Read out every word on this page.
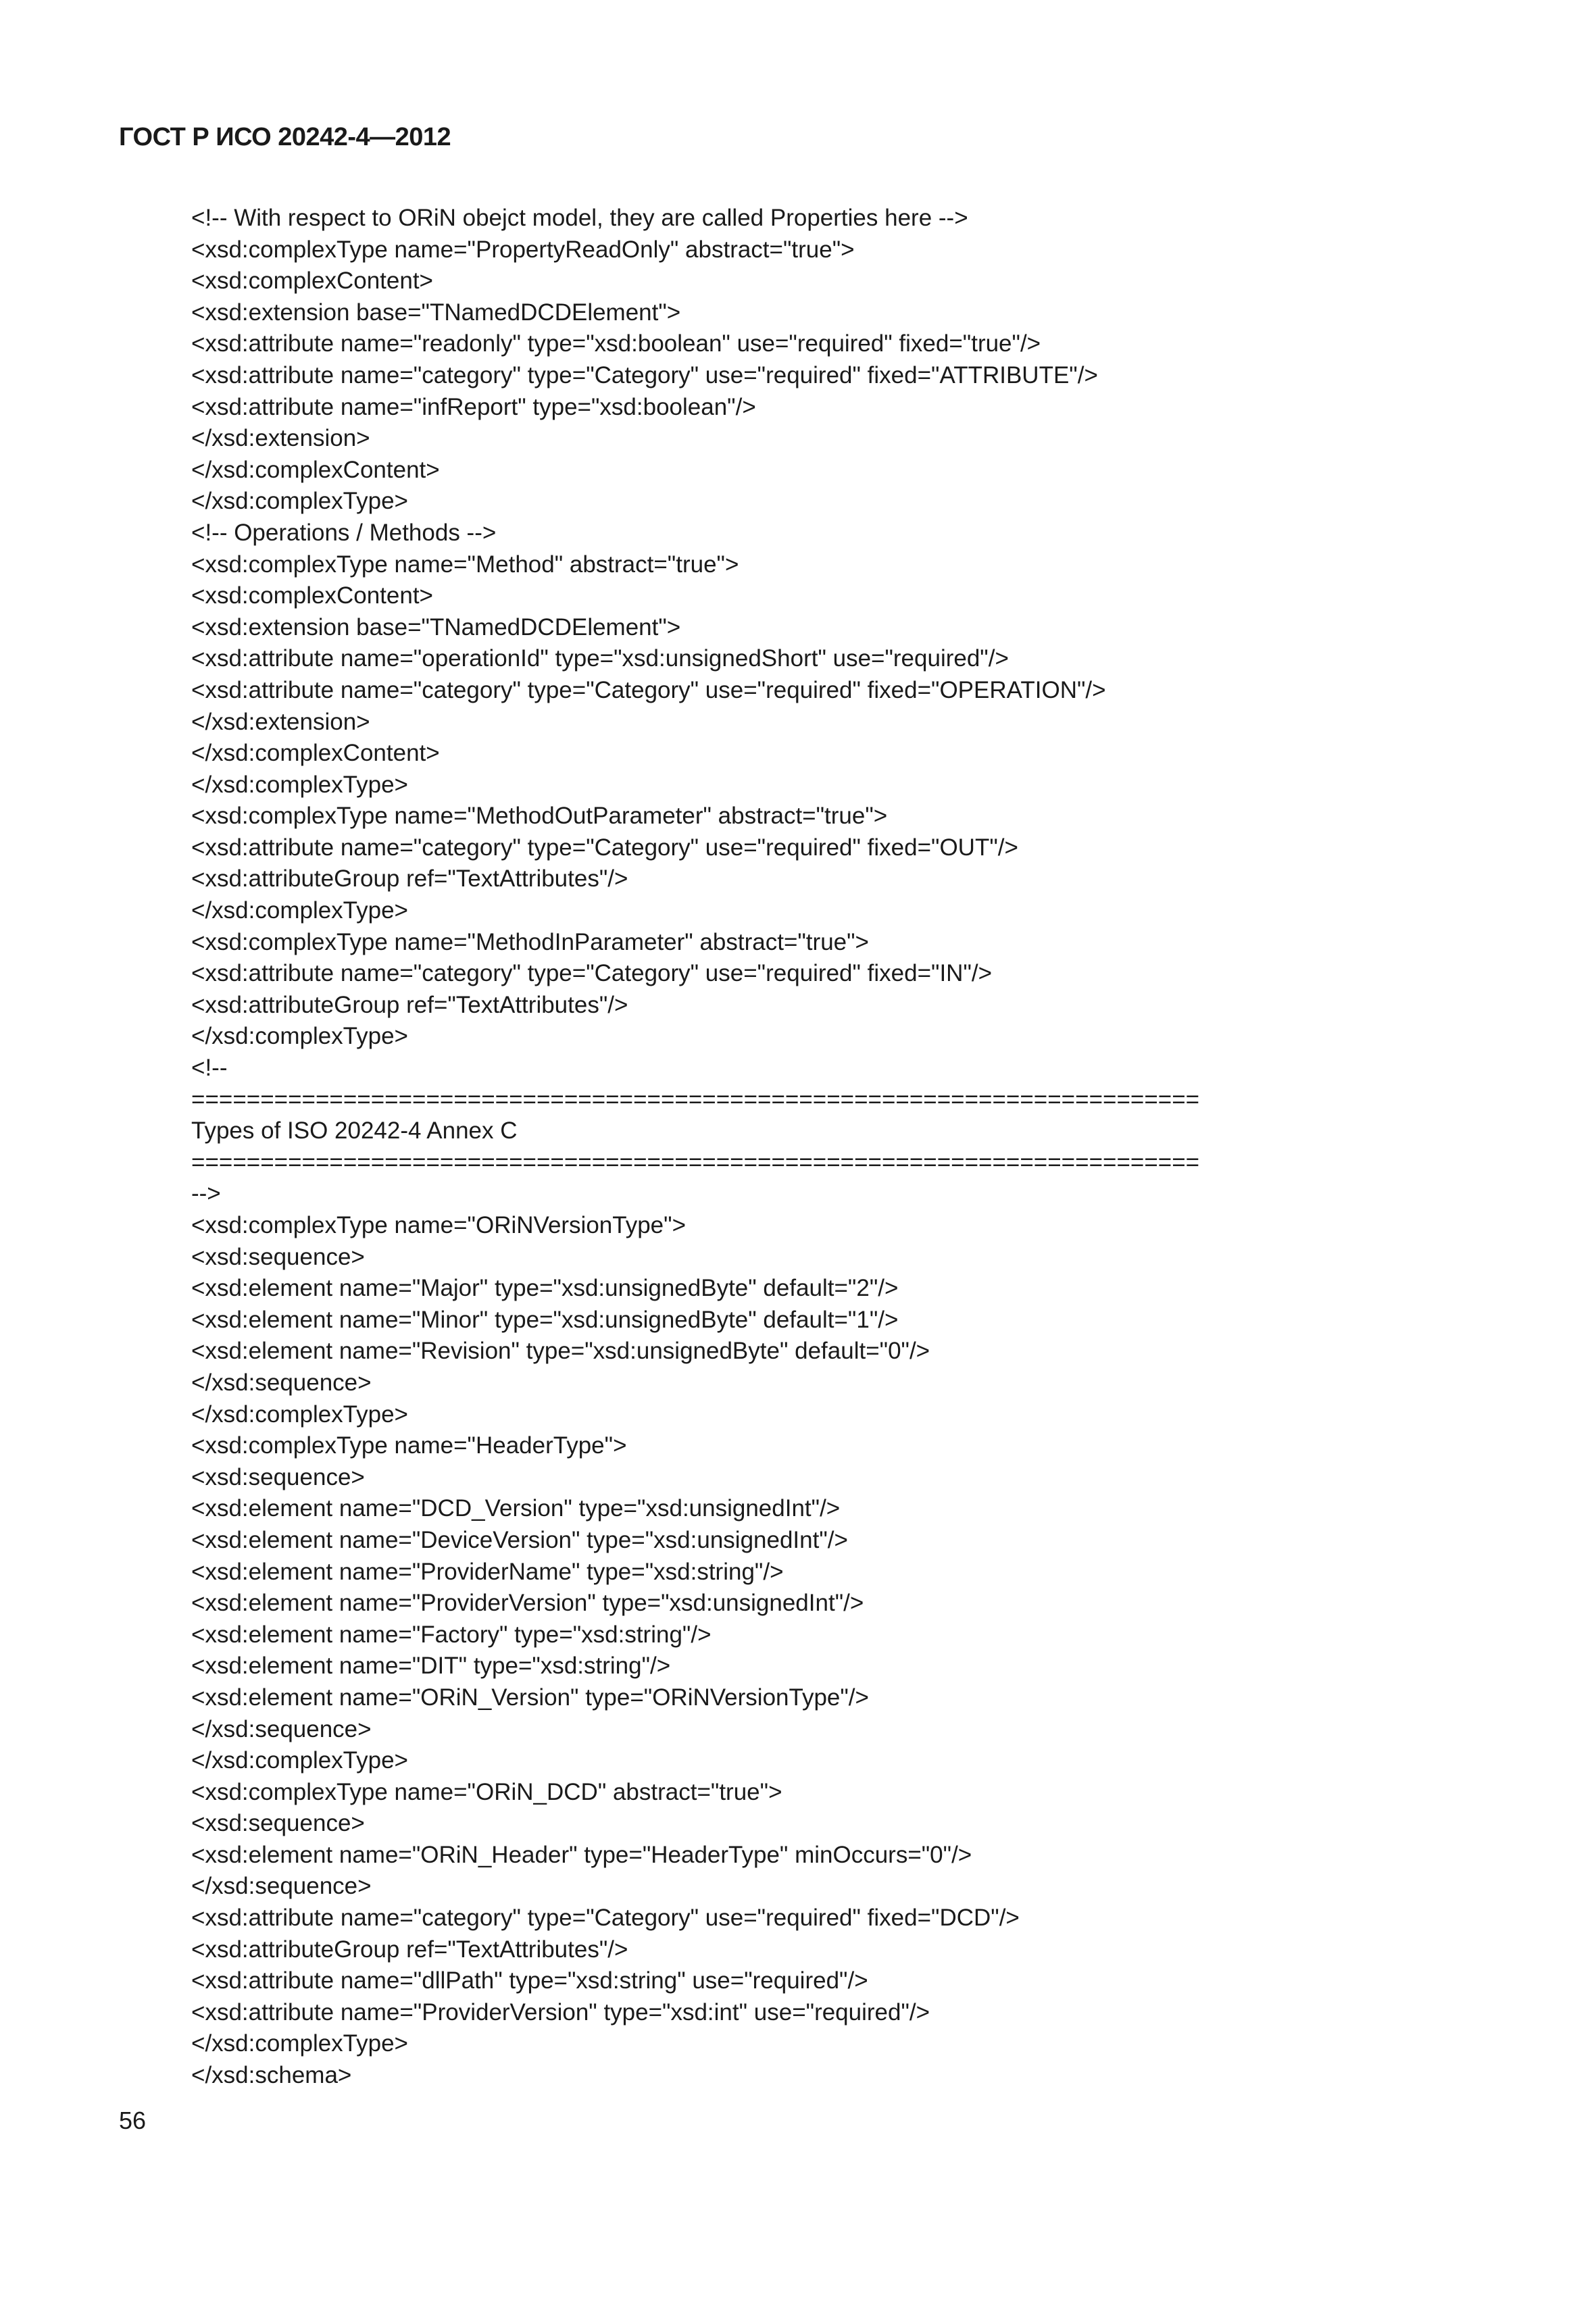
ГОСТ Р ИСО 20242-4—2012
<!-- With respect to ORiN obejct model, they are called Properties here -->
<xsd:complexType name="PropertyReadOnly" abstract="true">
<xsd:complexContent>
<xsd:extension base="TNamedDCDElement">
<xsd:attribute name="readonly" type="xsd:boolean" use="required" fixed="true"/>
<xsd:attribute name="category" type="Category" use="required" fixed="ATTRIBUTE"/>
<xsd:attribute name="infReport" type="xsd:boolean"/>
</xsd:extension>
</xsd:complexContent>
</xsd:complexType>
<!-- Operations / Methods -->
<xsd:complexType name="Method" abstract="true">
<xsd:complexContent>
<xsd:extension base="TNamedDCDElement">
<xsd:attribute name="operationId" type="xsd:unsignedShort" use="required"/>
<xsd:attribute name="category" type="Category" use="required" fixed="OPERATION"/>
</xsd:extension>
</xsd:complexContent>
</xsd:complexType>
<xsd:complexType name="MethodOutParameter" abstract="true">
<xsd:attribute name="category" type="Category" use="required" fixed="OUT"/>
<xsd:attributeGroup ref="TextAttributes"/>
</xsd:complexType>
<xsd:complexType name="MethodInParameter" abstract="true">
<xsd:attribute name="category" type="Category" use="required" fixed="IN"/>
<xsd:attributeGroup ref="TextAttributes"/>
</xsd:complexType>
<!--
=========================================================================
Types of ISO 20242-4 Annex C
=========================================================================
-->
<xsd:complexType name="ORiNVersionType">
<xsd:sequence>
<xsd:element name="Major" type="xsd:unsignedByte" default="2"/>
<xsd:element name="Minor" type="xsd:unsignedByte" default="1"/>
<xsd:element name="Revision" type="xsd:unsignedByte" default="0"/>
</xsd:sequence>
</xsd:complexType>
<xsd:complexType name="HeaderType">
<xsd:sequence>
<xsd:element name="DCD_Version" type="xsd:unsignedInt"/>
<xsd:element name="DeviceVersion" type="xsd:unsignedInt"/>
<xsd:element name="ProviderName" type="xsd:string"/>
<xsd:element name="ProviderVersion" type="xsd:unsignedInt"/>
<xsd:element name="Factory" type="xsd:string"/>
<xsd:element name="DIT" type="xsd:string"/>
<xsd:element name="ORiN_Version" type="ORiNVersionType"/>
</xsd:sequence>
</xsd:complexType>
<xsd:complexType name="ORiN_DCD" abstract="true">
<xsd:sequence>
<xsd:element name="ORiN_Header" type="HeaderType" minOccurs="0"/>
</xsd:sequence>
<xsd:attribute name="category" type="Category" use="required" fixed="DCD"/>
<xsd:attributeGroup ref="TextAttributes"/>
<xsd:attribute name="dllPath" type="xsd:string" use="required"/>
<xsd:attribute name="ProviderVersion" type="xsd:int" use="required"/>
</xsd:complexType>
</xsd:schema>
56
